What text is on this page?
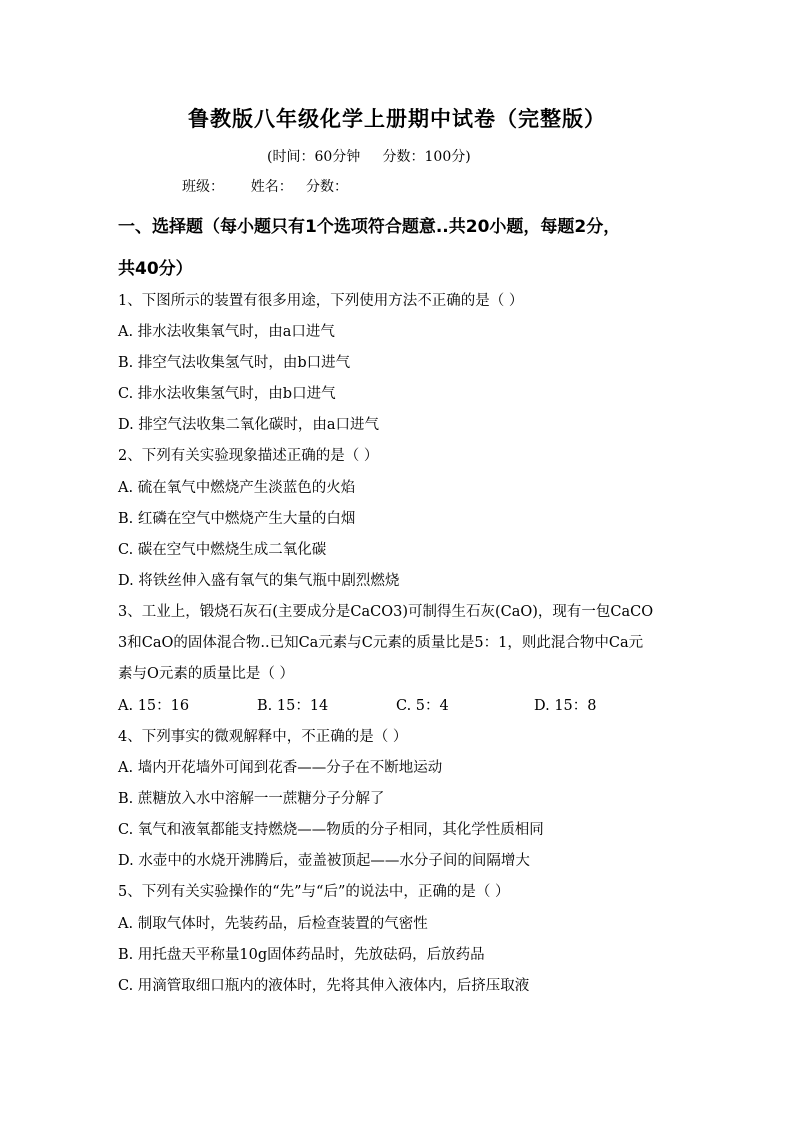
鲁教版八年级化学上册期中试卷（完整版）
(时间：60分钟     分数：100分)
班级：      姓名：   分数：
一、选择题（每小题只有1个选项符合题意..共20小题，每题2分，
共40分）
1、下图所示的装置有很多用途，下列使用方法不正确的是（ ）
A. 排水法收集氧气时，由a口进气
B. 排空气法收集氢气时，由b口进气
C. 排水法收集氢气时，由b口进气
D. 排空气法收集二氧化碳时，由a口进气
2、下列有关实验现象描述正确的是（ ）
A. 硫在氧气中燃烧产生淡蓝色的火焰
B. 红磷在空气中燃烧产生大量的白烟
C. 碳在空气中燃烧生成二氧化碳
D. 将铁丝伸入盛有氧气的集气瓶中剧烈燃烧
3、工业上，锻烧石灰石(主要成分是CaCO3)可制得生石灰(CaO)，现有一包CaCO
3和CaO的固体混合物..已知Ca元素与C元素的质量比是5：1，则此混合物中Ca元
素与O元素的质量比是（ ）
A. 15：16	B. 15：14	C. 5：4	D. 15：8
4、下列事实的微观解释中，不正确的是（ ）
A. 墙内开花墙外可闻到花香——分子在不断地运动
B. 蔗糖放入水中溶解一一蔗糖分子分解了
C. 氧气和液氧都能支持燃烧——物质的分子相同，其化学性质相同
D. 水壶中的水烧开沸腾后，壶盖被顶起——水分子间的间隔增大
5、下列有关实验操作的“先”与“后”的说法中，正确的是（ ）
A. 制取气体时，先装药品，后检查装置的气密性
B. 用托盘天平称量10g固体药品时，先放砝码，后放药品
C. 用滴管取细口瓶内的液体时，先将其伸入液体内，后挤压取液
